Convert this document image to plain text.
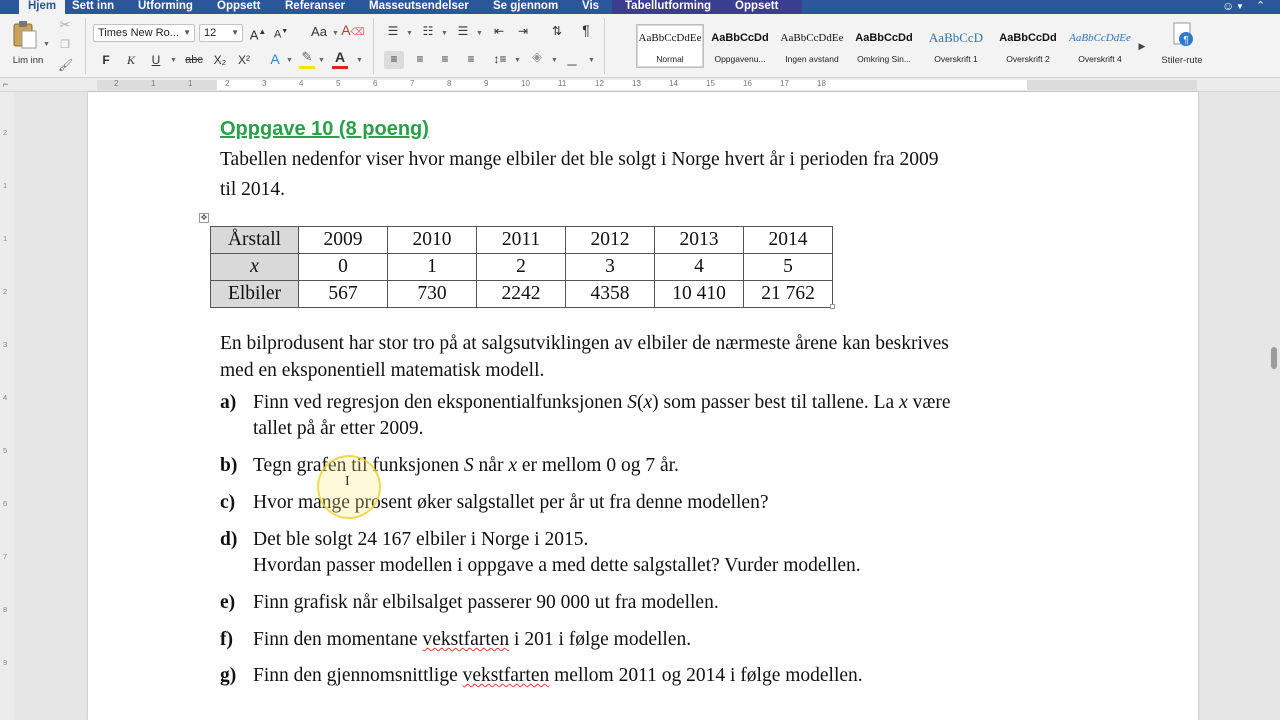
Hjem	Sett inn Utforming Oppsett Referanser Masseutsendelser Se gjennom Vis Tabellutforming Oppsett	☺ ▼ ⌃
Lim inn
▼
✂
❐
🖌
Times New Ro... ▼	12 ▼ A▲ A▼	Aa ▼ A⌫
F	K	U	▼ abc X₂ X²	A ▼ ✎ ▼ A	▼
☰	▼ ☷	▼ ☰	▼ ⇤	⇥	⇅	¶
≡	≡	≡	≡	↕≡	▼ ◈	▼ ▁	▼
AaBbCcDdEe
Normal
AaBbCcDd
Oppgavenu...
AaBbCcDdEe
Ingen avstand
AaBbCcDd
Omkring Sin...
AaBbCcD
Overskrift 1
AaBbCcDd
Overskrift 2
AaBbCcDdEe
Overskrift 4
▶	¶
Stiler-rute
⌐	2	1	1	2	3	4	5	6	7	8	9	10	11	12	13	14	15	16	17	18
2
1
1
2
3
4
5
6
7
8
9
Oppgave 10 (8 poeng)
Tabellen nedenfor viser hvor mange elbiler det ble solgt i Norge hvert år i perioden fra 2009
til 2014.
✥
Årstall	2009	2010	2011	2012	2013	2014
x	0	1	2	3	4	5
Elbiler	567	730	2242	4358	10 410	21 762
En bilprodusent har stor tro på at salgsutviklingen av elbiler de nærmeste årene kan beskrives
med en eksponentiell matematisk modell.
a) Finn ved regresjon den eksponentialfunksjonen S(x) som passer best til tallene. La x være
tallet på år etter 2009.
b) Tegn grafen til funksjonen S når x er mellom 0 og 7 år.
c) Hvor mange prosent øker salgstallet per år ut fra denne modellen?
d) Det ble solgt 24 167 elbiler i Norge i 2015.
Hvordan passer modellen i oppgave a med dette salgstallet? Vurder modellen.
e) Finn grafisk når elbilsalget passerer 90 000 ut fra modellen.
f) Finn den momentane vekstfarten i 201 i følge modellen.
g) Finn den gjennomsnittlige vekstfarten mellom 2011 og 2014 i følge modellen.
I
